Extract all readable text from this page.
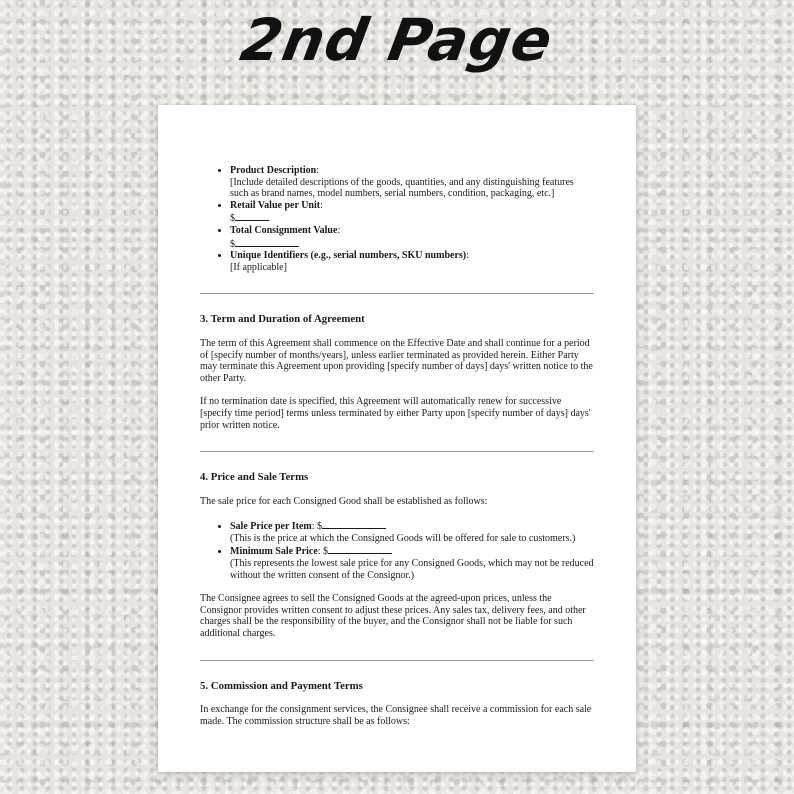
2nd Page
• Product Description:
[Include detailed descriptions of the goods, quantities, and any distinguishing features such as brand names, model numbers, serial numbers, condition, packaging, etc.]
• Retail Value per Unit:
$
• Total Consignment Value:
$
• Unique Identifiers (e.g., serial numbers, SKU numbers):
[If applicable]
3. Term and Duration of Agreement

The term of this Agreement shall commence on the Effective Date and shall continue for a period of [specify number of months/years], unless earlier terminated as provided herein. Either Party may terminate this Agreement upon providing [specify number of days] days' written notice to the other Party.

If no termination date is specified, this Agreement will automatically renew for successive [specify time period] terms unless terminated by either Party upon [specify number of days] days' prior written notice.

4. Price and Sale Terms

The sale price for each Consigned Good shall be established as follows:

• Sale Price per Item: $
(This is the price at which the Consigned Goods will be offered for sale to customers.)
• Minimum Sale Price: $
(This represents the lowest sale price for any Consigned Goods, which may not be reduced without the written consent of the Consignor.)

The Consignee agrees to sell the Consigned Goods at the agreed-upon prices, unless the Consignor provides written consent to adjust these prices. Any sales tax, delivery fees, and other charges shall be the responsibility of the buyer, and the Consignor shall not be liable for such additional charges.

5. Commission and Payment Terms

In exchange for the consignment services, the Consignee shall receive a commission for each sale made. The commission structure shall be as follows:
